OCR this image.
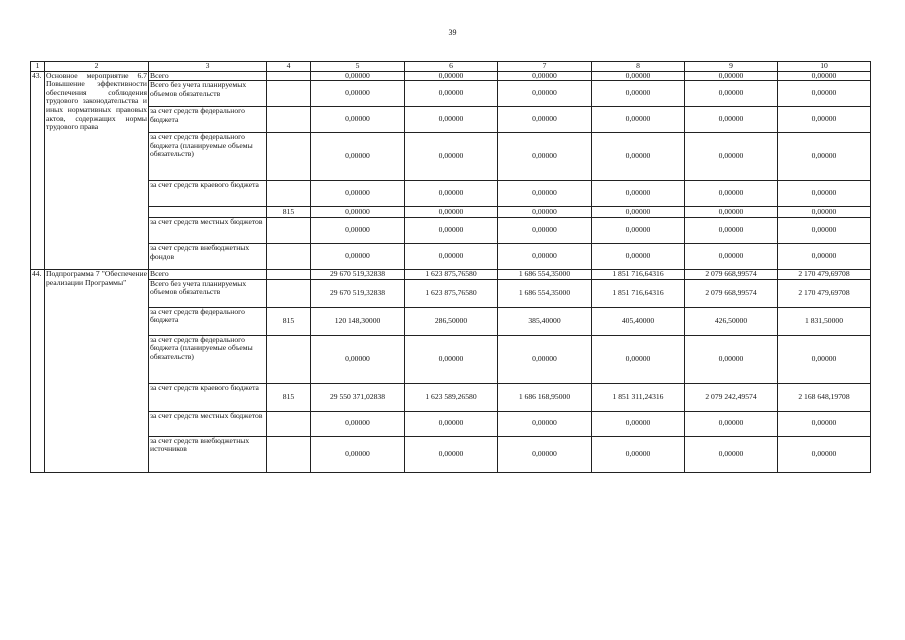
39
1	2	3	4	5	6	7	8	9	10
43.	Основное мероприятие 6.7 Повышение эффективности обеспечения соблюдения трудового законодательства и иных нормативных правовых актов, содержащих нормы трудового права	Всего		0,00000	0,00000	0,00000	0,00000	0,00000	0,00000
		Всего без учета планируемых объемов обязательств		0,00000	0,00000	0,00000	0,00000	0,00000	0,00000
		за счет средств федерального бюджета		0,00000	0,00000	0,00000	0,00000	0,00000	0,00000
		за счет средств федерального бюджета (планируемые объемы обязательств)		0,00000	0,00000	0,00000	0,00000	0,00000	0,00000
		за счет средств краевого бюджета		0,00000	0,00000	0,00000	0,00000	0,00000	0,00000
			815	0,00000	0,00000	0,00000	0,00000	0,00000	0,00000
		за счет средств местных бюджетов		0,00000	0,00000	0,00000	0,00000	0,00000	0,00000
		за счет средств внебюджетных фондов		0,00000	0,00000	0,00000	0,00000	0,00000	0,00000
44.	Подпрограмма 7 "Обеспечение реализации Программы"	Всего		29 670 519,32838	1 623 875,76580	1 686 554,35000	1 851 716,64316	2 079 668,99574	2 170 479,69708
		Всего без учета планируемых объемов обязательств		29 670 519,32838	1 623 875,76580	1 686 554,35000	1 851 716,64316	2 079 668,99574	2 170 479,69708
		за счет средств федерального бюджета	815	120 148,30000	286,50000	385,40000	405,40000	426,50000	1 831,50000
		за счет средств федерального бюджета (планируемые объемы обязательств)		0,00000	0,00000	0,00000	0,00000	0,00000	0,00000
		за счет средств краевого бюджета	815	29 550 371,02838	1 623 589,26580	1 686 168,95000	1 851 311,24316	2 079 242,49574	2 168 648,19708
		за счет средств местных бюджетов		0,00000	0,00000	0,00000	0,00000	0,00000	0,00000
		за счет средств внебюджетных источников		0,00000	0,00000	0,00000	0,00000	0,00000	0,00000
